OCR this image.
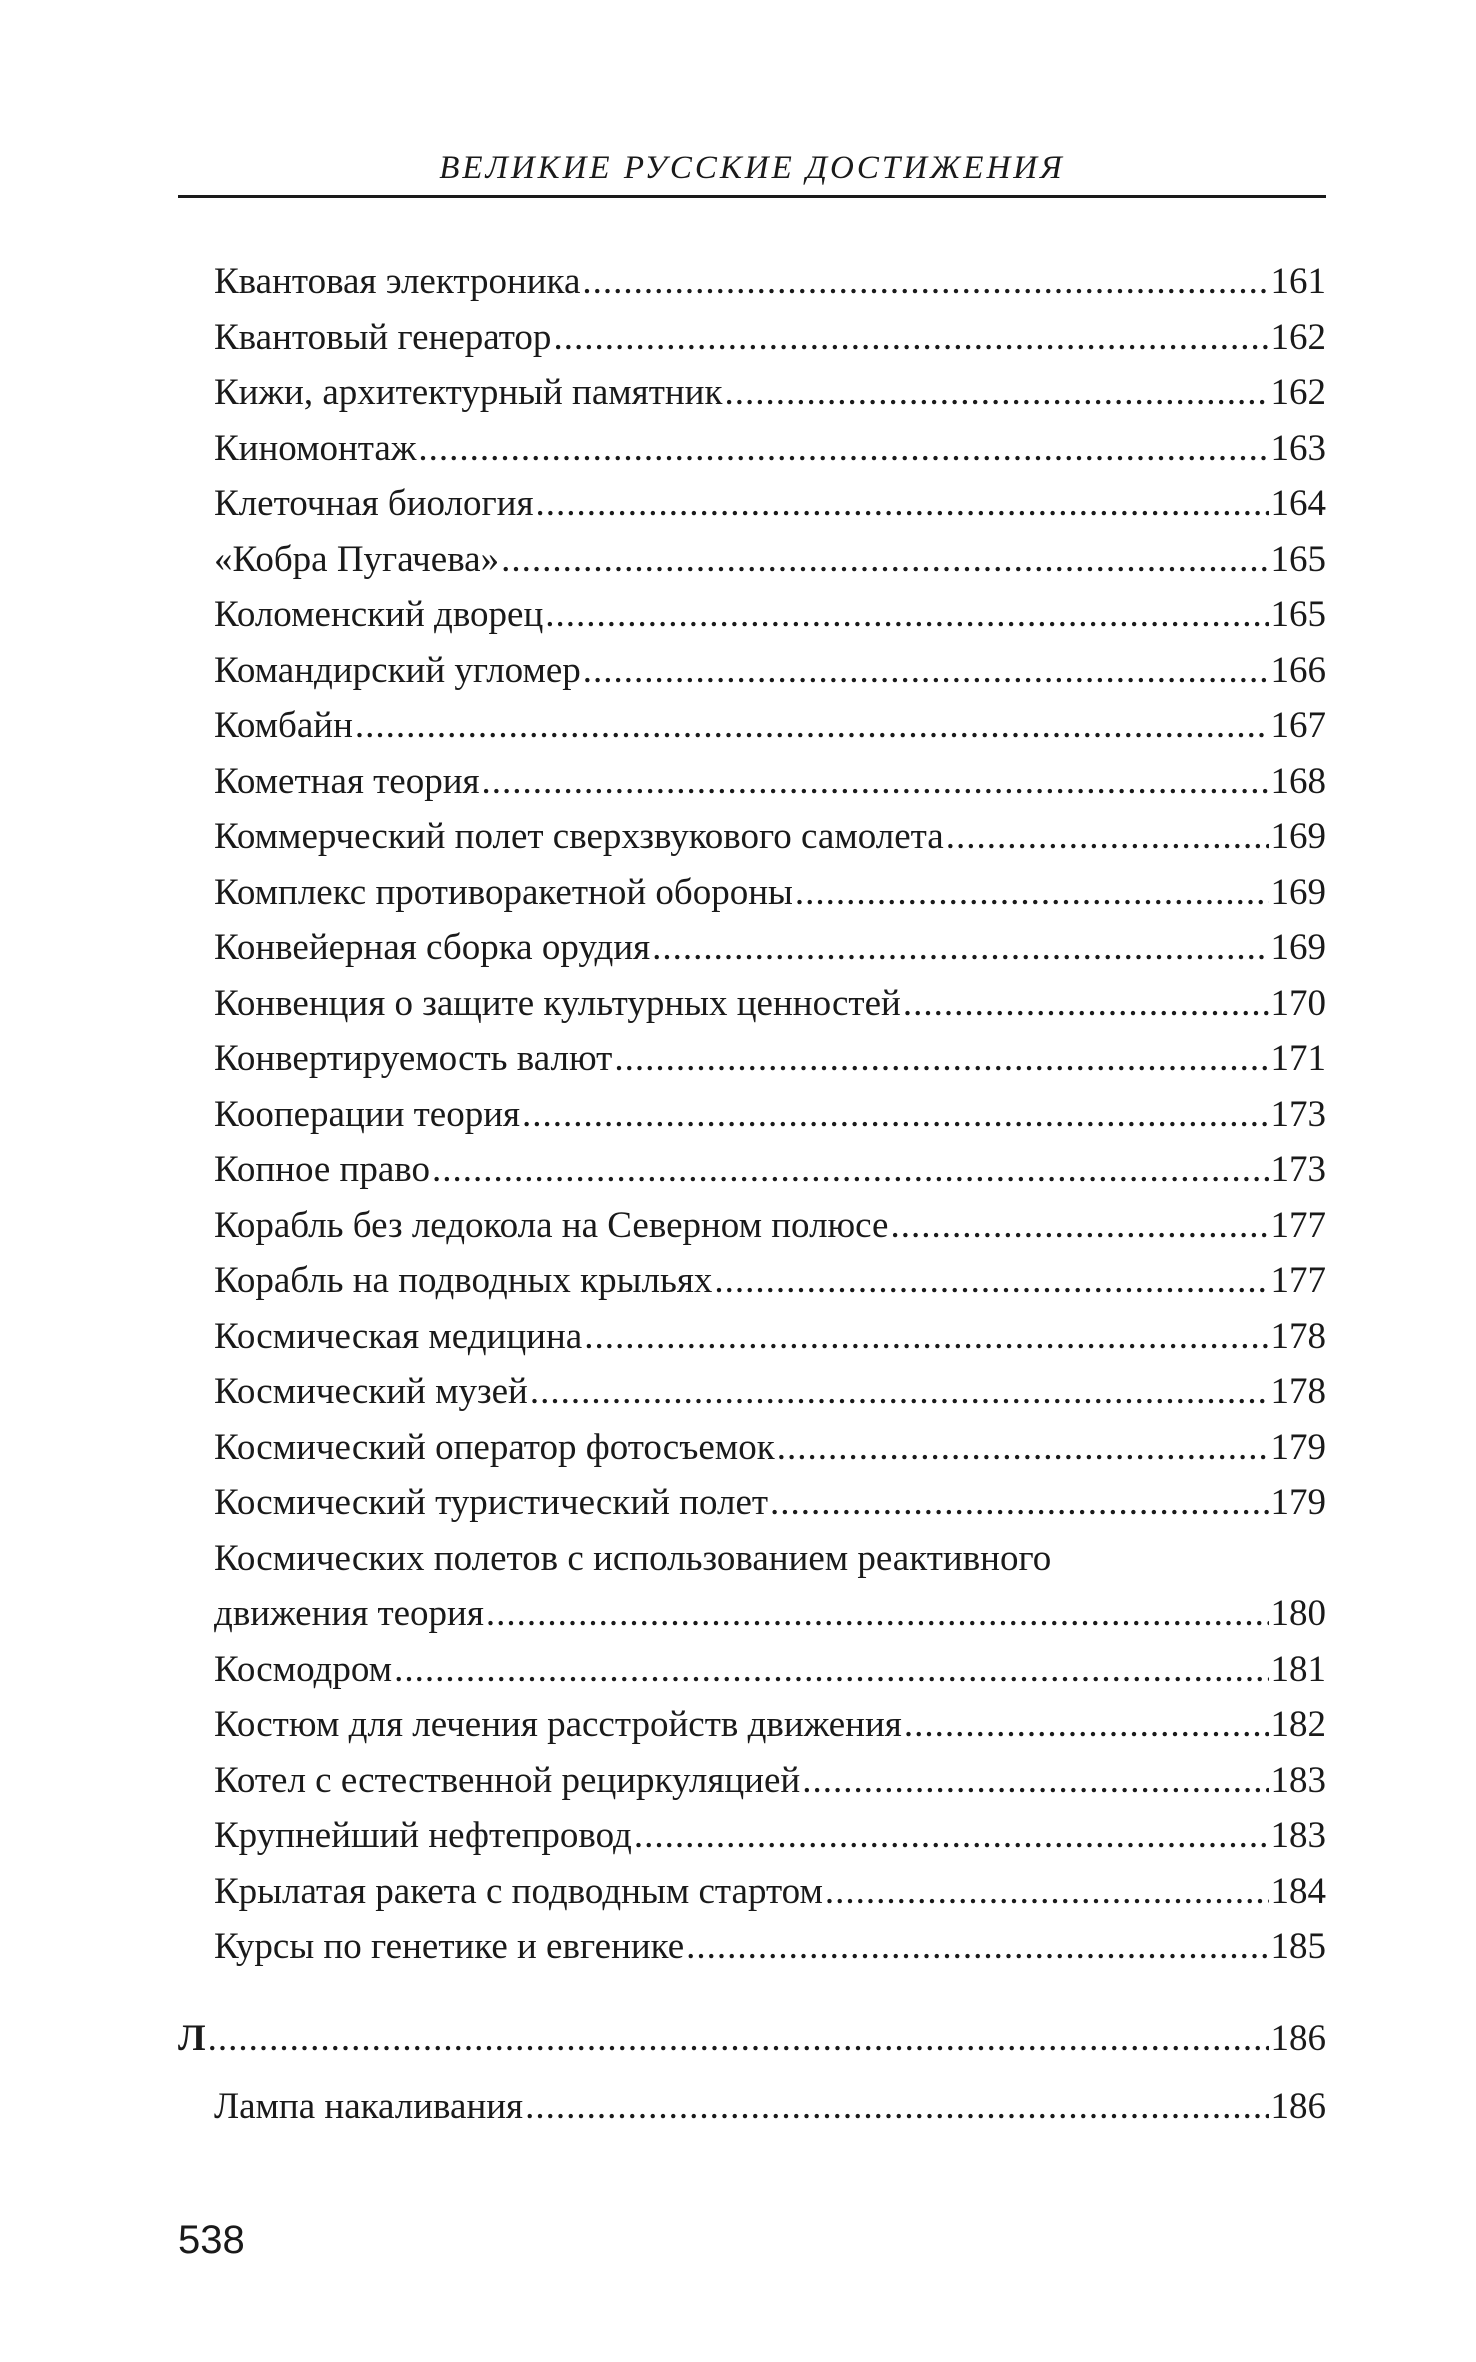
ВЕЛИКИЕ РУССКИЕ ДОСТИЖЕНИЯ
Квантовая электроника .....	161
Квантовый генератор .....	162
Кижи, архитектурный памятник .....	162
Киномонтаж .....	163
Клеточная биология .....	164
«Кобра Пугачева» .....	165
Коломенский дворец .....	165
Командирский угломер .....	166
Комбайн .....	167
Кометная теория .....	168
Коммерческий полет сверхзвукового самолета .....	169
Комплекс противоракетной обороны .....	169
Конвейерная сборка орудия .....	169
Конвенция о защите культурных ценностей .....	170
Конвертируемость валют .....	171
Кооперации теория .....	173
Копное право .....	173
Корабль без ледокола на Северном полюсе .....	177
Корабль на подводных крыльях .....	177
Космическая медицина .....	178
Космический музей .....	178
Космический оператор фотосъемок .....	179
Космический туристический полет .....	179
Космических полетов с использованием реактивного
движения теория .....	180
Космодром .....	181
Костюм для лечения расстройств движения .....	182
Котел с естественной рециркуляцией .....	183
Крупнейший нефтепровод .....	183
Крылатая ракета с подводным стартом .....	184
Курсы по генетике и евгенике .....	185
Л .....	186
Лампа накаливания .....	186
538
